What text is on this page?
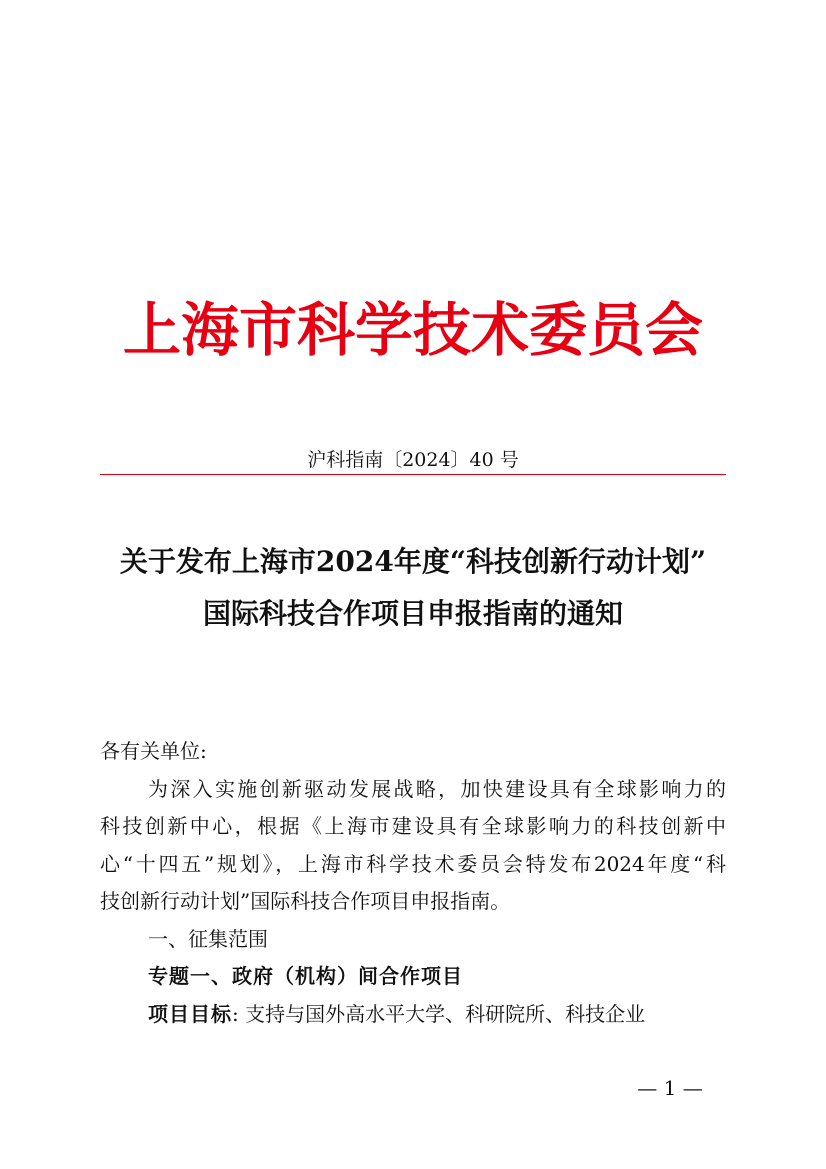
上海市科学技术委员会
沪科指南〔2024〕40 号
关于发布上海市2024年度“科技创新行动计划”
国际科技合作项目申报指南的通知

各有关单位:

为深入实施创新驱动发展战略，加快建设具有全球影响力的
科技创新中心，根据《上海市建设具有全球影响力的科技创新中
心“十四五”规划》，上海市科学技术委员会特发布2024年度“科
技创新行动计划”国际科技合作项目申报指南。

一、征集范围

专题一、政府（机构）间合作项目

项目目标: 支持与国外高水平大学、科研院所、科技企业

— 1 —
